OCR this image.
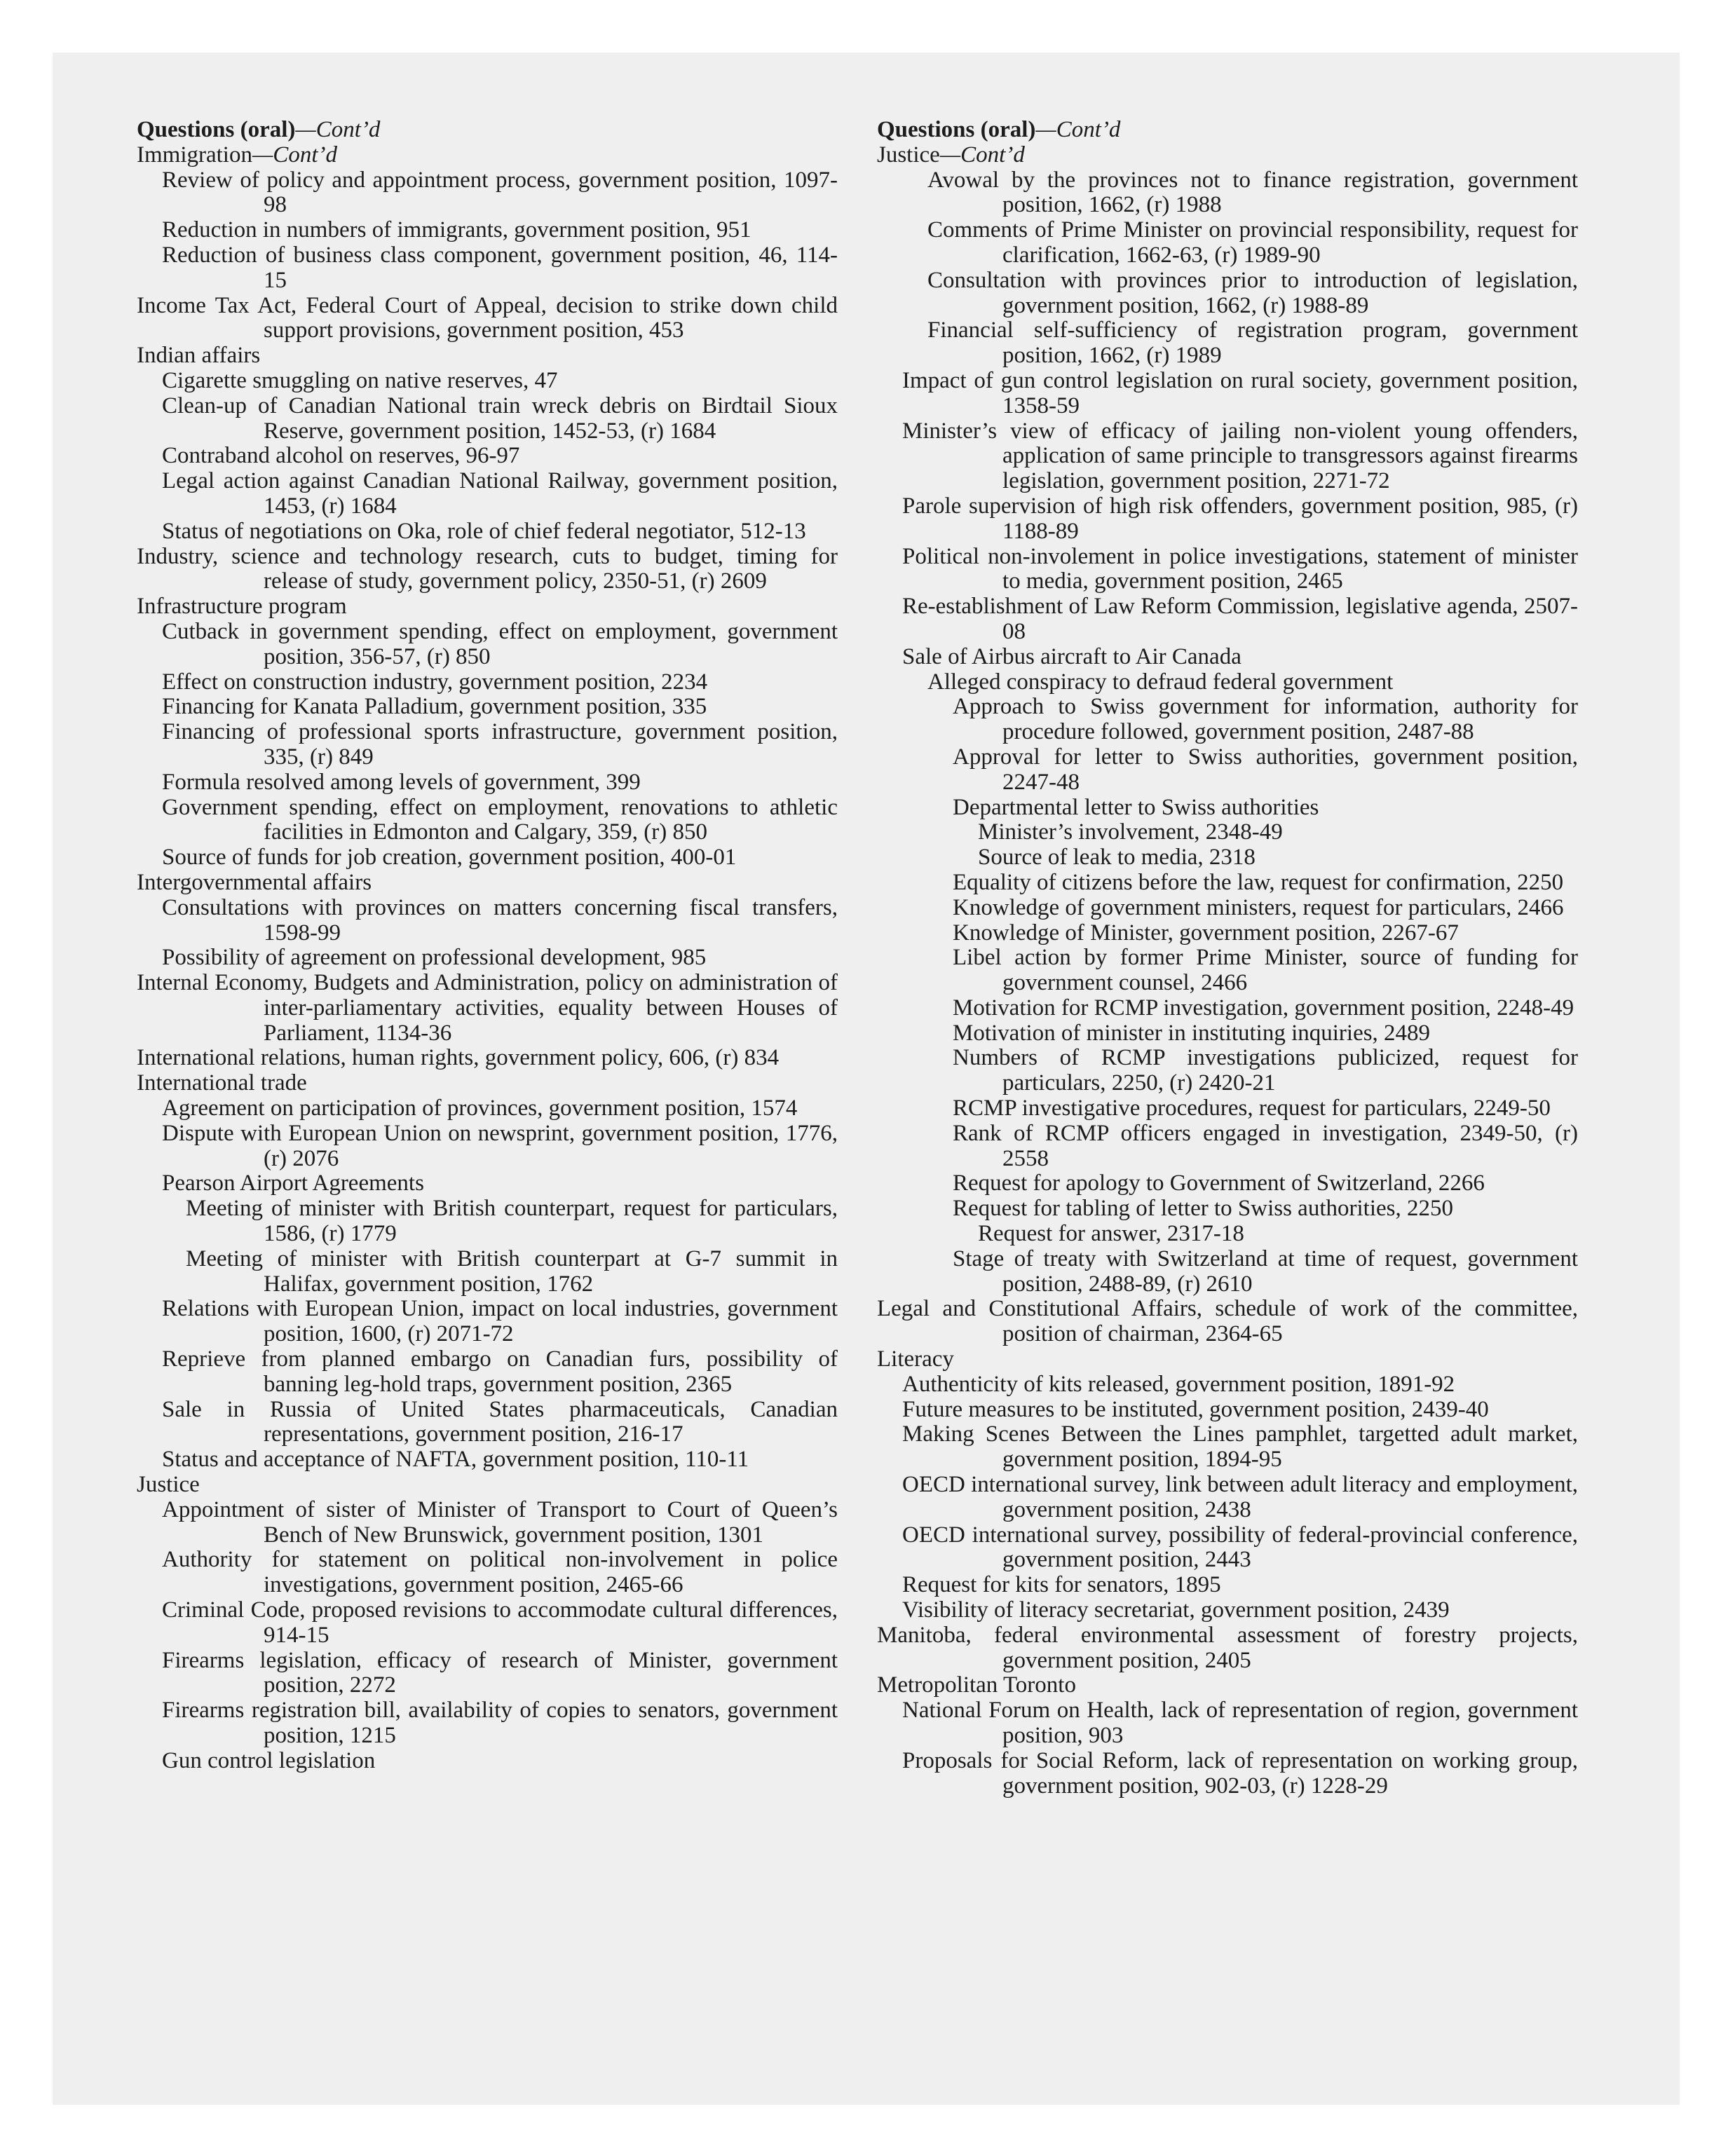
Questions (oral)—Cont’d

Immigration—Cont’d

Review of policy and appointment process, government position, 1097-98

Reduction in numbers of immigrants, government position, 951

Reduction of business class component, government position, 46, 114-15

Income Tax Act, Federal Court of Appeal, decision to strike down child support provisions, government position, 453

Indian affairs

Cigarette smuggling on native reserves, 47

Clean-up of Canadian National train wreck debris on Birdtail Sioux Reserve, government position, 1452-53, (r) 1684

Contraband alcohol on reserves, 96-97

Legal action against Canadian National Railway, government position, 1453, (r) 1684

Status of negotiations on Oka, role of chief federal negotiator, 512-13

Industry, science and technology research, cuts to budget, timing for release of study, government policy, 2350-51, (r) 2609

Infrastructure program

Cutback in government spending, effect on employment, government position, 356-57, (r) 850

Effect on construction industry, government position, 2234

Financing for Kanata Palladium, government position, 335

Financing of professional sports infrastructure, government position, 335, (r) 849

Formula resolved among levels of government, 399

Government spending, effect on employment, renovations to athletic facilities in Edmonton and Calgary, 359, (r) 850

Source of funds for job creation, government position, 400-01

Intergovernmental affairs

Consultations with provinces on matters concerning fiscal transfers, 1598-99

Possibility of agreement on professional development, 985

Internal Economy, Budgets and Administration, policy on administration of inter-parliamentary activities, equality between Houses of Parliament, 1134-36

International relations, human rights, government policy, 606, (r) 834

International trade

Agreement on participation of provinces, government position, 1574

Dispute with European Union on newsprint, government position, 1776, (r) 2076

Pearson Airport Agreements

Meeting of minister with British counterpart, request for particulars, 1586, (r) 1779

Meeting of minister with British counterpart at G-7 summit in Halifax, government position, 1762

Relations with European Union, impact on local industries, government position, 1600, (r) 2071-72

Reprieve from planned embargo on Canadian furs, possibility of banning leg-hold traps, government position, 2365

Sale in Russia of United States pharmaceuticals, Canadian representations, government position, 216-17

Status and acceptance of NAFTA, government position, 110-11

Justice

Appointment of sister of Minister of Transport to Court of Queen’s Bench of New Brunswick, government position, 1301

Authority for statement on political non-involvement in police investigations, government position, 2465-66

Criminal Code, proposed revisions to accommodate cultural differences, 914-15

Firearms legislation, efficacy of research of Minister, government position, 2272

Firearms registration bill, availability of copies to senators, government position, 1215

Gun control legislation

Questions (oral)—Cont’d

Justice—Cont’d

Avowal by the provinces not to finance registration, government position, 1662, (r) 1988

Comments of Prime Minister on provincial responsibility, request for clarification, 1662-63, (r) 1989-90

Consultation with provinces prior to introduction of legislation, government position, 1662, (r) 1988-89

Financial self-sufficiency of registration program, government position, 1662, (r) 1989

Impact of gun control legislation on rural society, government position, 1358-59

Minister’s view of efficacy of jailing non-violent young offenders, application of same principle to transgressors against firearms legislation, government position, 2271-72

Parole supervision of high risk offenders, government position, 985, (r) 1188-89

Political non-involement in police investigations, statement of minister to media, government position, 2465

Re-establishment of Law Reform Commission, legislative agenda, 2507-08

Sale of Airbus aircraft to Air Canada

Alleged conspiracy to defraud federal government

Approach to Swiss government for information, authority for procedure followed, government position, 2487-88

Approval for letter to Swiss authorities, government position, 2247-48

Departmental letter to Swiss authorities

Minister’s involvement, 2348-49

Source of leak to media, 2318

Equality of citizens before the law, request for confirmation, 2250

Knowledge of government ministers, request for particulars, 2466

Knowledge of Minister, government position, 2267-67

Libel action by former Prime Minister, source of funding for government counsel, 2466

Motivation for RCMP investigation, government position, 2248-49

Motivation of minister in instituting inquiries, 2489

Numbers of RCMP investigations publicized, request for particulars, 2250, (r) 2420-21

RCMP investigative procedures, request for particulars, 2249-50

Rank of RCMP officers engaged in investigation, 2349-50, (r) 2558

Request for apology to Government of Switzerland, 2266

Request for tabling of letter to Swiss authorities, 2250

Request for answer, 2317-18

Stage of treaty with Switzerland at time of request, government position, 2488-89, (r) 2610

Legal and Constitutional Affairs, schedule of work of the committee, position of chairman, 2364-65

Literacy

Authenticity of kits released, government position, 1891-92

Future measures to be instituted, government position, 2439-40

Making Scenes Between the Lines pamphlet, targetted adult market, government position, 1894-95

OECD international survey, link between adult literacy and employment, government position, 2438

OECD international survey, possibility of federal-provincial conference, government position, 2443

Request for kits for senators, 1895

Visibility of literacy secretariat, government position, 2439

Manitoba, federal environmental assessment of forestry projects, government position, 2405

Metropolitan Toronto

National Forum on Health, lack of representation of region, government position, 903

Proposals for Social Reform, lack of representation on working group, government position, 902-03, (r) 1228-29
